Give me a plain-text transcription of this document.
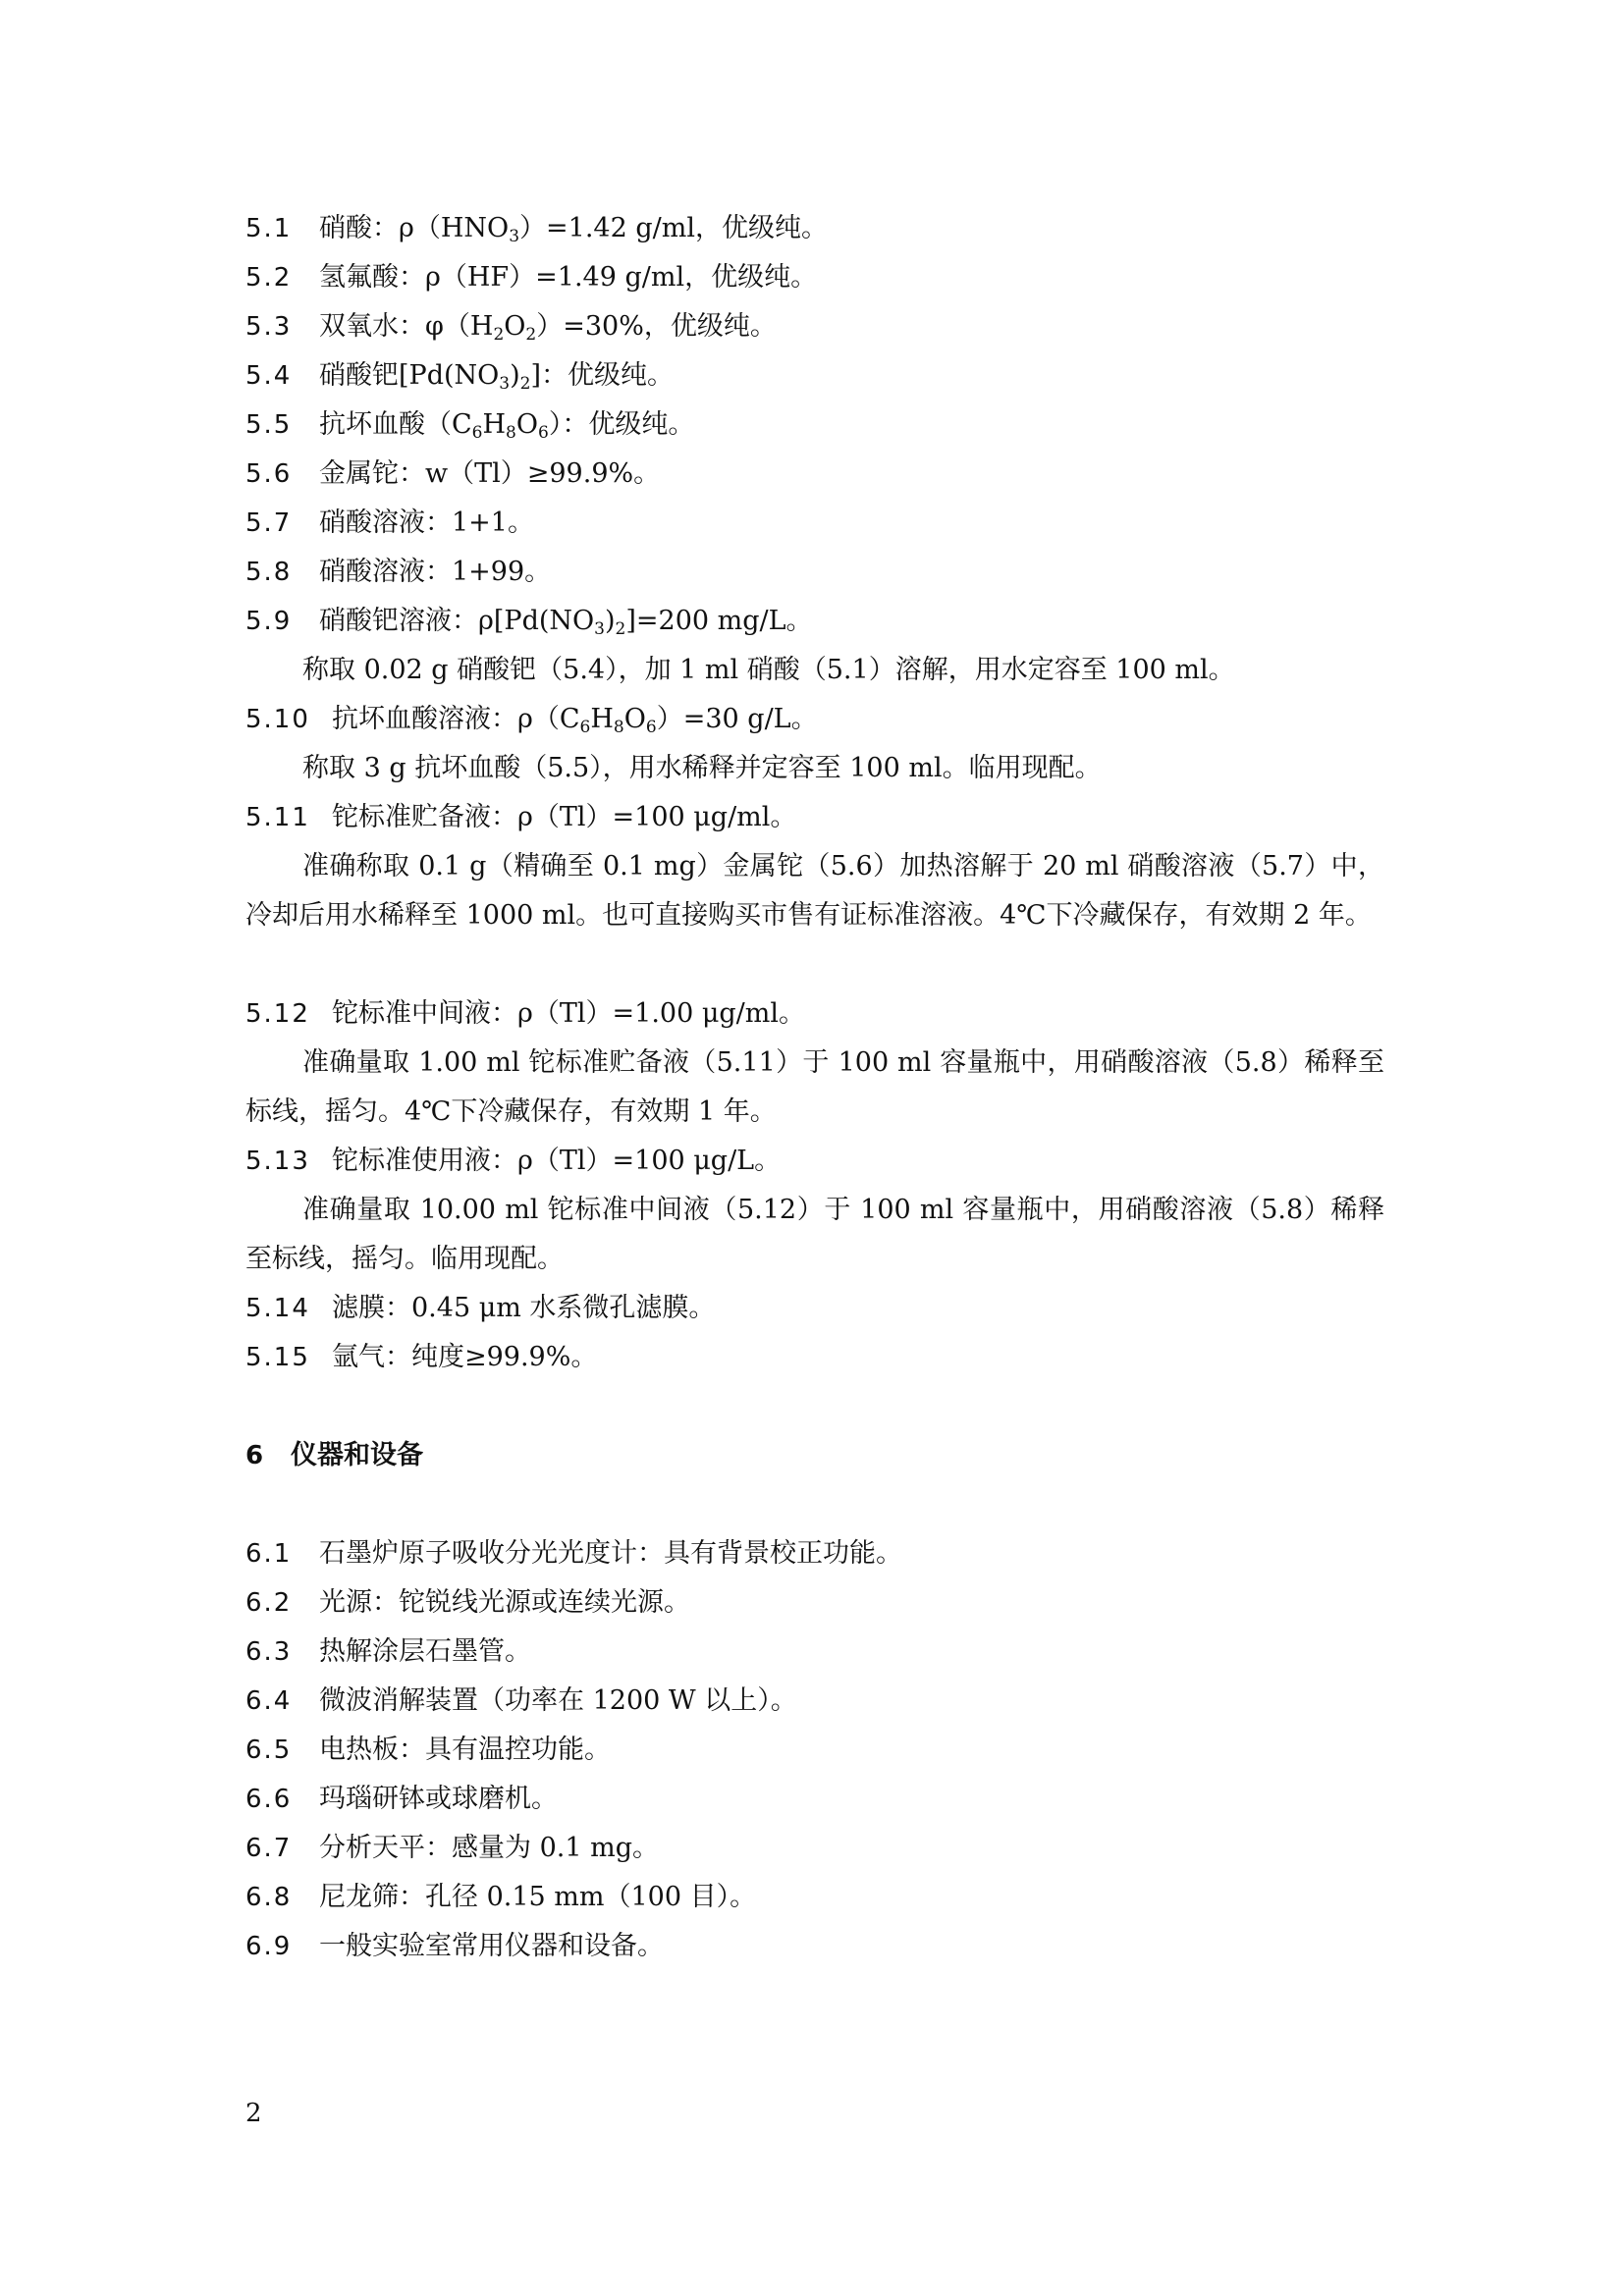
5.1 硝酸：$\rho(HNO_3)=1.42$ g/ml，优级纯。
5.2 氢氟酸：ρ（HF）=1.49 g/ml，优级纯。
5.3 双氧水：$\varphi(H_2O_2)=30\%$，优级纯。
5.4 硝酸钯$[Pd(NO_3)_2]$：优级纯。
5.5 抗坏血酸$(C_6H_8O_6)$：优级纯。
5.6 金属铊：w（Tl）≥99.9%。
5.7 硝酸溶液：1+1。
5.8 硝酸溶液：1+99。
5.9 硝酸钯溶液：$\rho[Pd(NO_3)_2]=200$ mg/L。
称取 0.02 g 硝酸钯（5.4），加 1 ml 硝酸（5.1）溶解，用水定容至 100 ml。
5.10 抗坏血酸溶液：$\rho(C_6H_8O_6)=30$ g/L。
称取 3 g 抗坏血酸（5.5），用水稀释并定容至 100 ml。临用现配。
5.11 铊标准贮备液：ρ（Tl）=100 μg/ml。
准确称取 0.1 g（精确至 0.1 mg）金属铊（5.6）加热溶解于 20 ml 硝酸溶液（5.7）中，冷却后用水稀释至 1000 ml。也可直接购买市售有证标准溶液。4℃下冷藏保存，有效期 2 年。
5.12 铊标准中间液：ρ（Tl）=1.00 μg/ml。
准确量取 1.00 ml 铊标准贮备液（5.11）于 100 ml 容量瓶中，用硝酸溶液（5.8）稀释至标线，摇匀。4℃下冷藏保存，有效期 1 年。
5.13 铊标准使用液：ρ（Tl）=100 μg/L。
准确量取 10.00 ml 铊标准中间液（5.12）于 100 ml 容量瓶中，用硝酸溶液（5.8）稀释至标线，摇匀。临用现配。
5.14 滤膜：0.45 μm 水系微孔滤膜。
5.15 氩气：纯度≥99.9%。
6 仪器和设备
6.1 石墨炉原子吸收分光光度计：具有背景校正功能。
6.2 光源：铊锐线光源或连续光源。
6.3 热解涂层石墨管。
6.4 微波消解装置（功率在 1200 W 以上）。
6.5 电热板：具有温控功能。
6.6 玛瑙研钵或球磨机。
6.7 分析天平：感量为 0.1 mg。
6.8 尼龙筛：孔径 0.15 mm（100 目）。
6.9 一般实验室常用仪器和设备。
2
